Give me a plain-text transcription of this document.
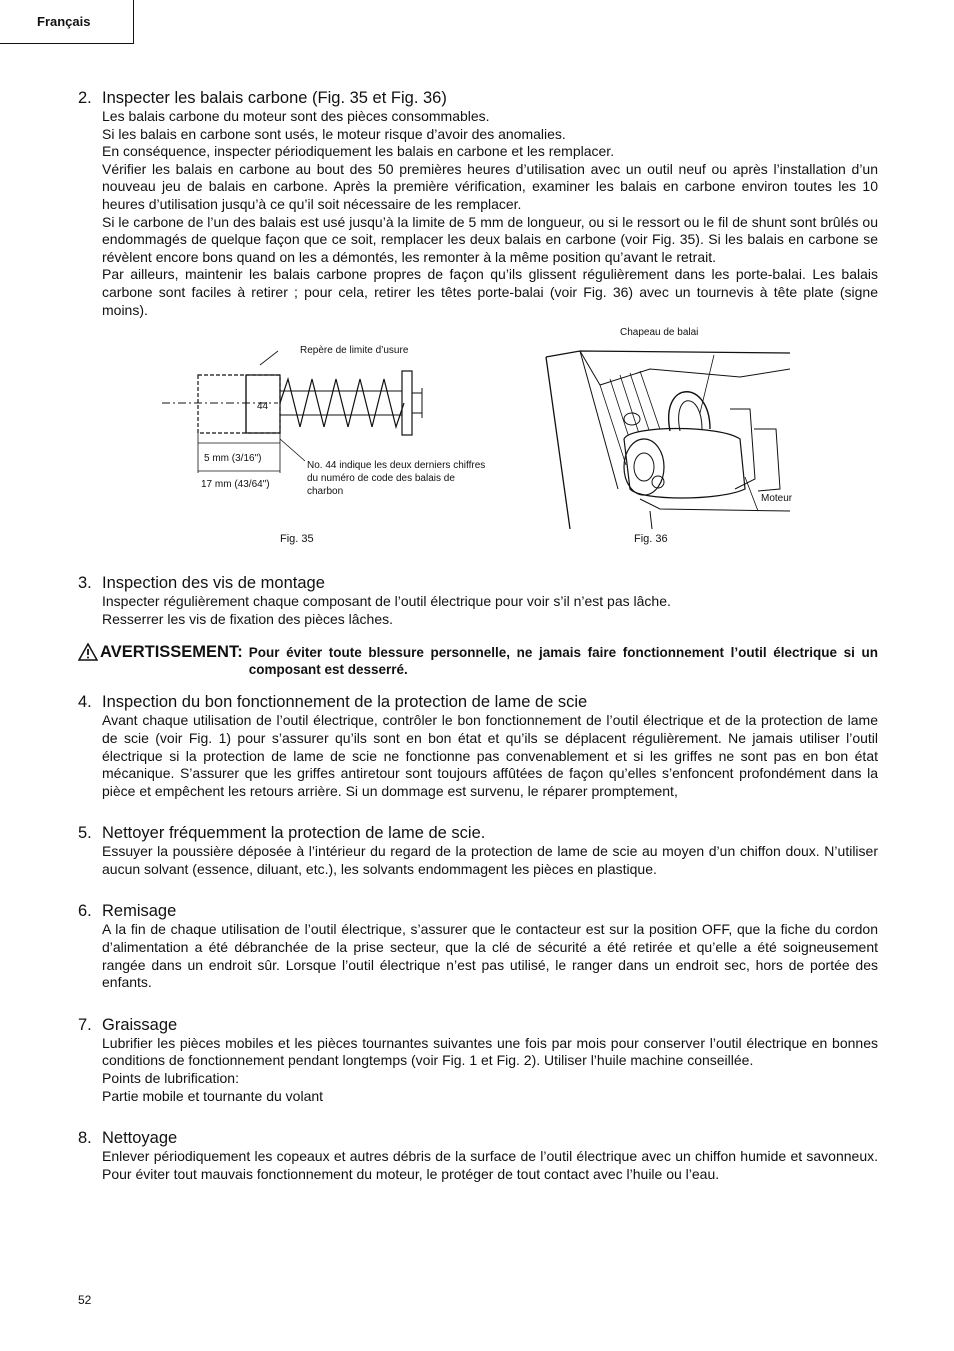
Français
2. Inspecter les balais carbone (Fig. 35 et Fig. 36)

Les balais carbone du moteur sont des pièces consommables.

Si les balais en carbone sont usés, le moteur risque d’avoir des anomalies.

En conséquence, inspecter périodiquement les balais en carbone et les remplacer.

Vérifier les balais en carbone au bout des 50 premières heures d’utilisation avec un outil neuf ou après l’installation d’un nouveau jeu de balais en carbone. Après la première vérification, examiner les balais en carbone environ toutes les 10 heures d’utilisation jusqu’à ce qu’il soit nécessaire de les remplacer.

Si le carbone de l’un des balais est usé jusqu’à la limite de 5 mm de longueur, ou si le ressort ou le fil de shunt sont brûlés ou endommagés de quelque façon que ce soit, remplacer les deux balais en carbone (voir Fig. 35). Si les balais en carbone se révèlent encore bons quand on les a démontés, les remonter à la même position qu’avant le retrait.

Par ailleurs, maintenir les balais carbone propres de façon qu’ils glissent régulièrement dans les porte-balai. Les balais carbone sont faciles à retirer ; pour cela, retirer les têtes porte-balai (voir Fig. 36) avec un tournevis à tête plate (signe moins).

Repère de limite d’usure
44
5 mm (3/16")
17 mm (43/64")
No. 44 indique les deux derniers chiffres du numéro de code des balais de charbon
Fig. 35
Chapeau de balai
Moteur
Fig. 36
3. Inspection des vis de montage

Inspecter régulièrement chaque composant de l’outil électrique pour voir s’il n’est pas lâche.

Resserrer les vis de fixation des pièces lâches.

AVERTISSEMENT: Pour éviter toute blessure personnelle, ne jamais faire fonctionnement l’outil électrique si un composant est desserré.
4. Inspection du bon fonctionnement de la protection de lame de scie

Avant chaque utilisation de l’outil électrique, contrôler le bon fonctionnement de l’outil électrique et de la protection de lame de scie (voir Fig. 1) pour s’assurer qu’ils sont en bon état et qu’ils se déplacent régulièrement. Ne jamais utiliser l’outil électrique si la protection de lame de scie ne fonctionne pas convenablement et si les griffes ne sont pas en bon état mécanique. S’assurer que les griffes antiretour sont toujours affûtées de façon qu’elles s’enfoncent profondément dans la pièce et empêchent les retours arrière. Si un dommage est survenu, le réparer promptement,

5. Nettoyer fréquemment la protection de lame de scie.

Essuyer la poussière déposée à l’intérieur du regard de la protection de lame de scie au moyen d’un chiffon doux. N’utiliser aucun solvant (essence, diluant, etc.), les solvants endommagent les pièces en plastique.

6. Remisage

A la fin de chaque utilisation de l’outil électrique, s’assurer que le contacteur est sur la position OFF, que la fiche du cordon d’alimentation a été débranchée de la prise secteur, que la clé de sécurité a été retirée et qu’elle a été soigneusement rangée dans un endroit sûr. Lorsque l’outil électrique n’est pas utilisé, le ranger dans un endroit sec, hors de portée des enfants.

7. Graissage

Lubrifier les pièces mobiles et les pièces tournantes suivantes une fois par mois pour conserver l’outil électrique en bonnes conditions de fonctionnement pendant longtemps (voir Fig. 1 et Fig. 2). Utiliser l’huile machine conseillée.

Points de lubrification:

Partie mobile et tournante du volant

8. Nettoyage

Enlever périodiquement les copeaux et autres débris de la surface de l’outil électrique avec un chiffon humide et savonneux. Pour éviter tout mauvais fonctionnement du moteur, le protéger de tout contact avec l’huile ou l’eau.

52
